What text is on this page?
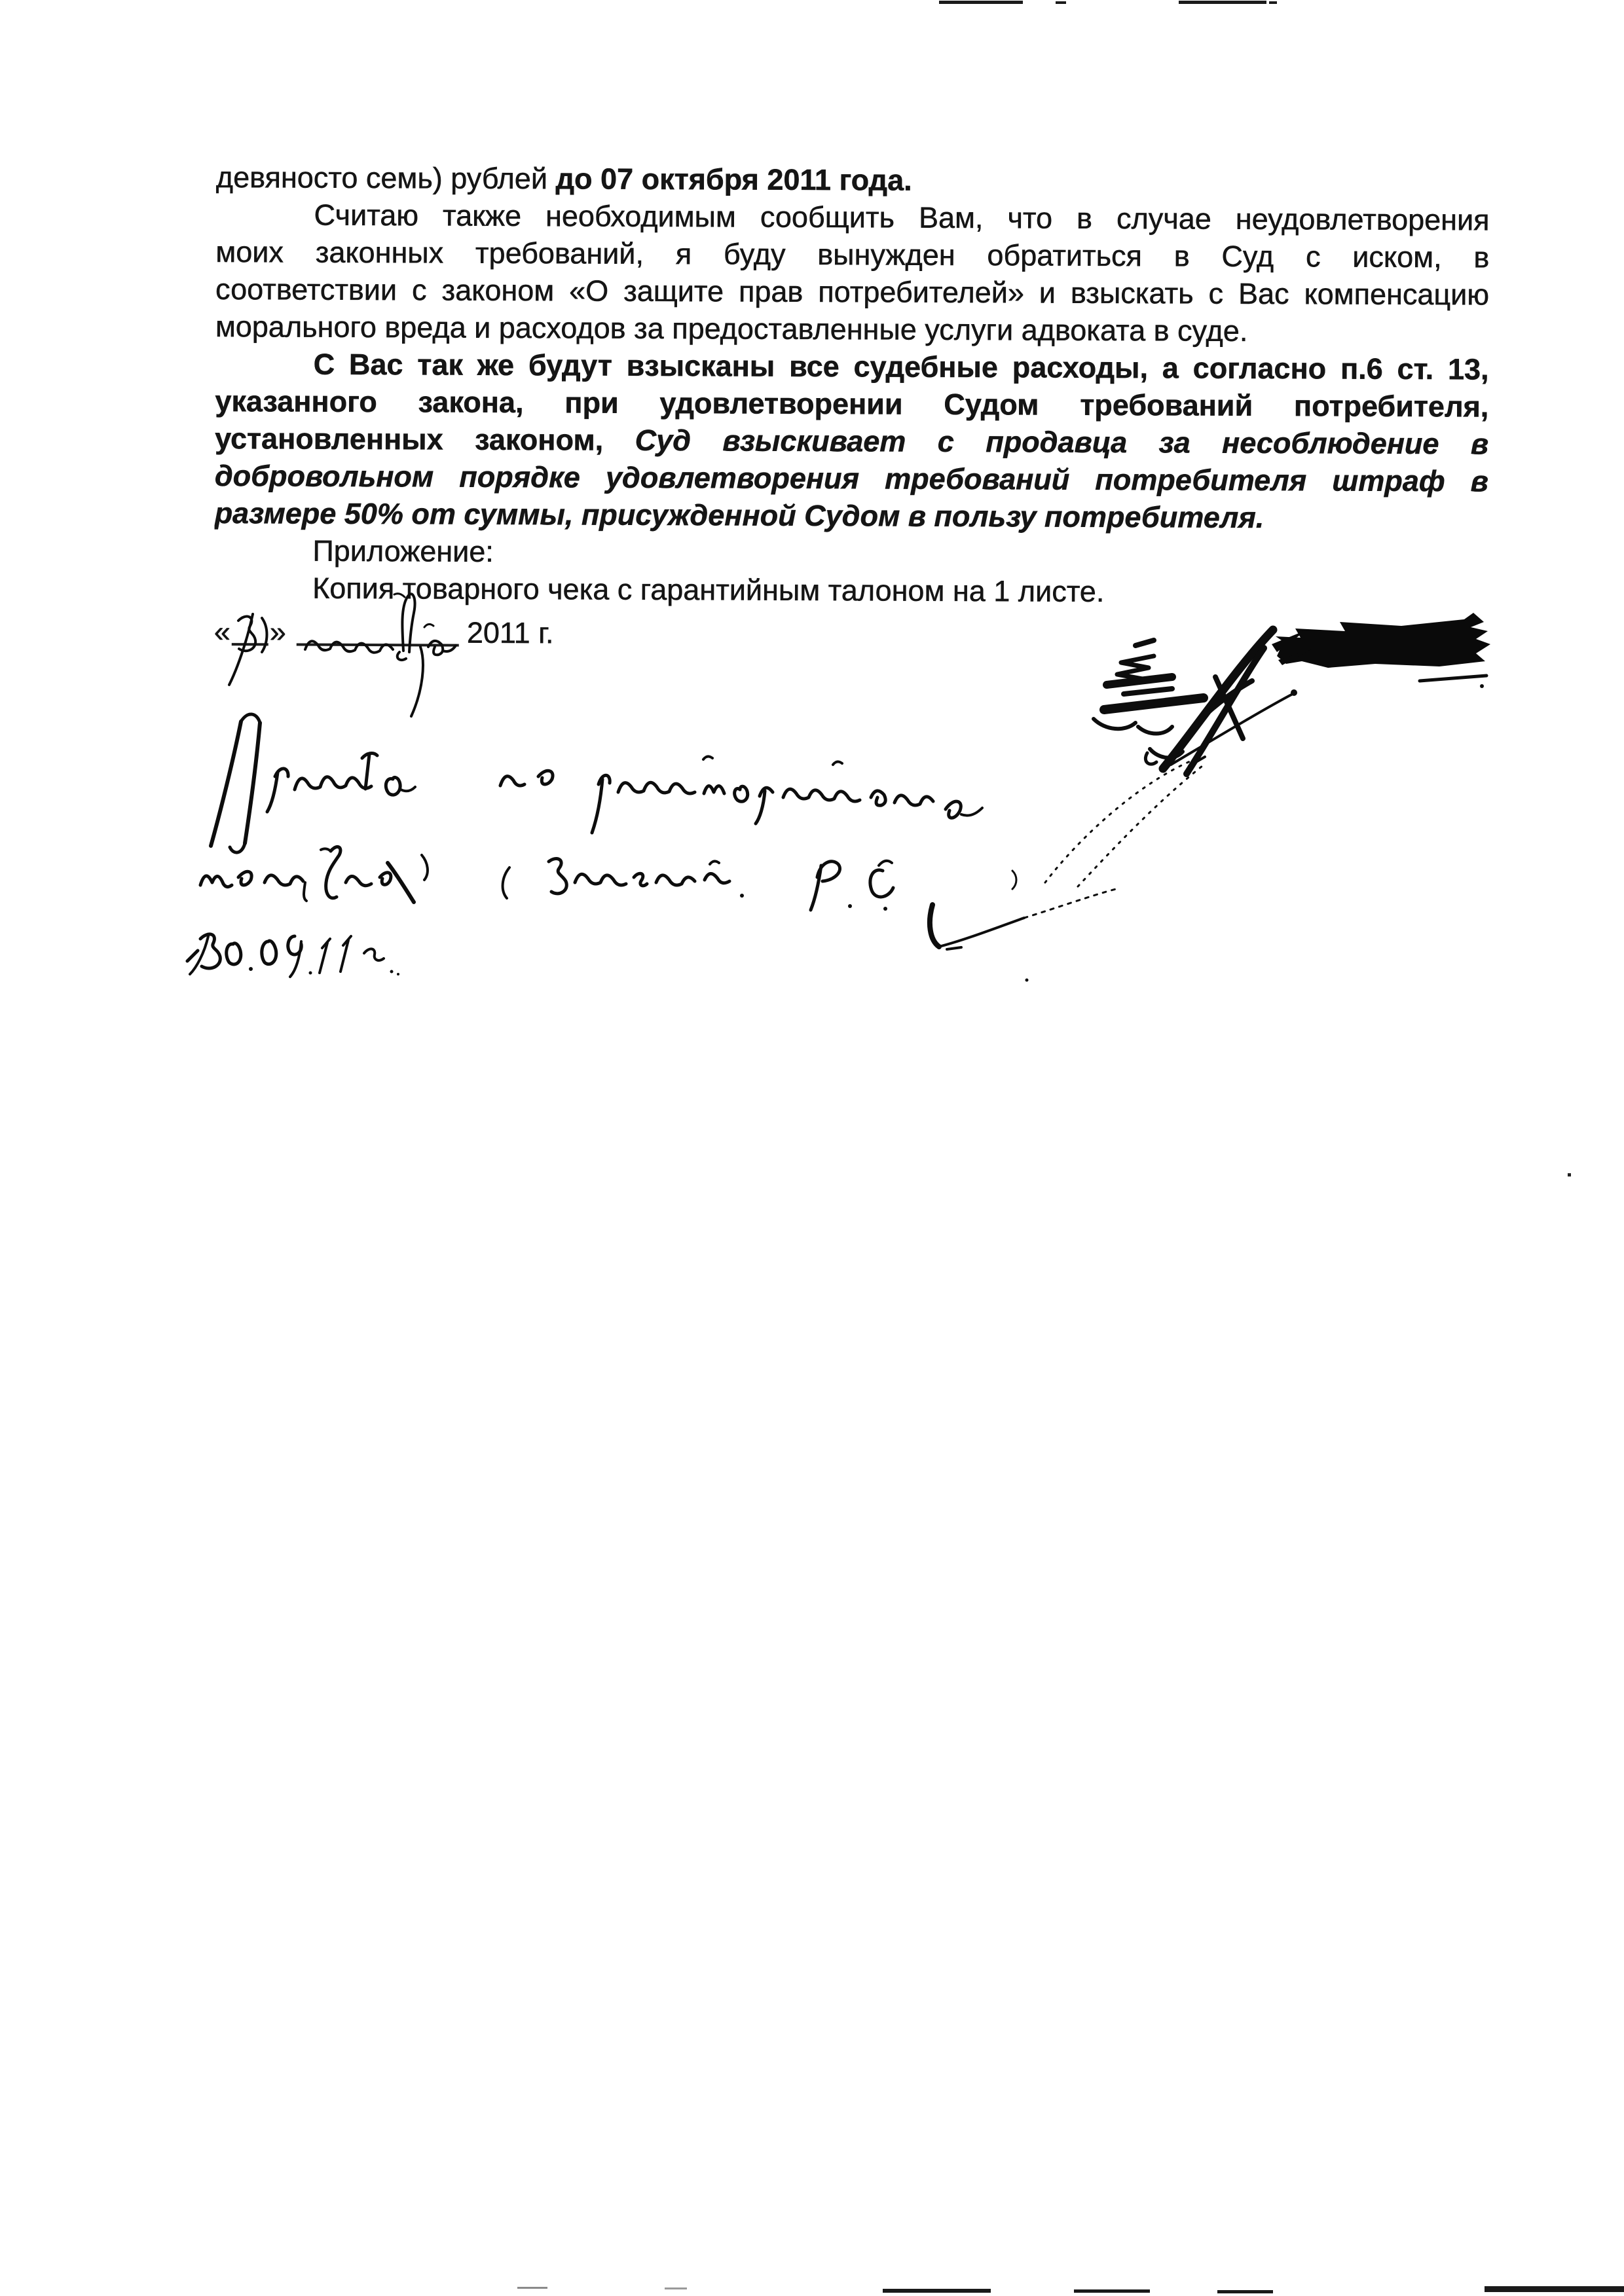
девяносто семь) рублей до 07 октября 2011 года.
Считаю также необходимым сообщить Вам, что в случае неудовлетворения
моих законных требований, я буду вынужден обратиться в Суд с иском, в
соответствии с законом «О защите прав потребителей» и взыскать с Вас компенсацию
морального вреда и расходов за предоставленные услуги адвоката в суде.
С Вас так же будут взысканы все судебные расходы, а согласно п.6 ст. 13,
указанного закона, при удовлетворении Судом требований потребителя,
установленных законом, Суд взыскивает с продавца за несоблюдение в
добровольном порядке удовлетворения требований потребителя штраф в
размере 50% от суммы, присужденной Судом в пользу потребителя.
Приложение:
Копия товарного чека с гарантийным талоном на 1 листе.
« »	2011 г.
